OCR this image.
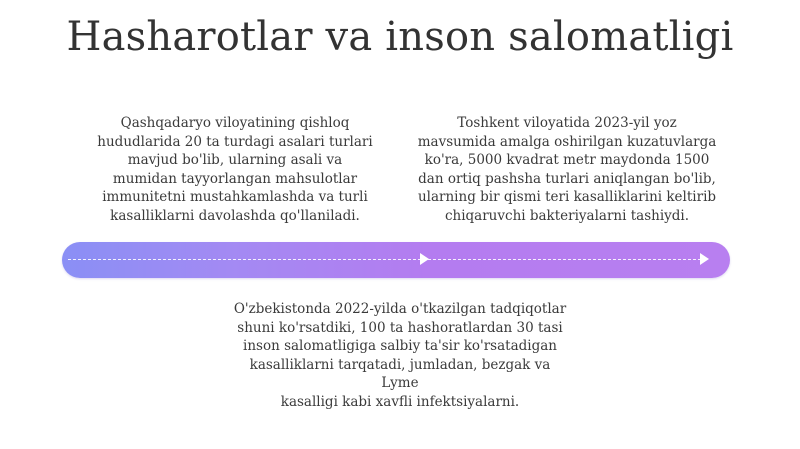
Hasharotlar va inson salomatligi
Qashqadaryo viloyatining qishloq
hududlarida 20 ta turdagi asalari turlari
mavjud bo'lib, ularning asali va
mumidan tayyorlangan mahsulotlar
immunitetni mustahkamlashda va turli
kasalliklarni davolashda qo'llaniladi.
Toshkent viloyatida 2023-yil yoz
mavsumida amalga oshirilgan kuzatuvlarga
ko'ra, 5000 kvadrat metr maydonda 1500
dan ortiq pashsha turlari aniqlangan bo'lib,
ularning bir qismi teri kasalliklarini keltirib
chiqaruvchi bakteriyalarni tashiydi.
O'zbekistonda 2022-yilda o'tkazilgan tadqiqotlar
shuni ko'rsatdiki, 100 ta hashoratlardan 30 tasi
inson salomatligiga salbiy ta'sir ko'rsatadigan
kasalliklarni tarqatadi, jumladan, bezgak va Lyme
kasalligi kabi xavfli infektsiyalarni.
